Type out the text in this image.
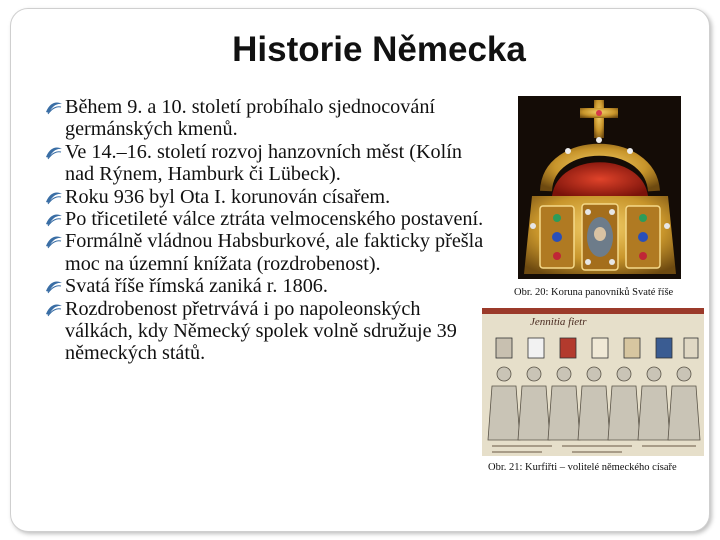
Historie Německa
Během 9. a 10. století probíhalo sjednocování germánských kmenů.
Ve 14.–16. století rozvoj hanzovních měst (Kolín nad Rýnem, Hamburk či Lübeck).
Roku 936 byl Ota I. korunován císařem.
Po třicetileté válce ztráta velmocenského postavení.
Formálně vládnou Habsburkové, ale fakticky přešla moc na územní knížata (rozdrobenost).
Svatá říše římská zaniká r. 1806.
Rozdrobenost přetrvává i po napoleonských válkách, kdy Německý spolek volně sdružuje 39 německých států.
Obr. 20: Koruna panovníků Svaté říše
Jennitia fietr
Obr. 21: Kurfiřti – volitelé německého císaře
